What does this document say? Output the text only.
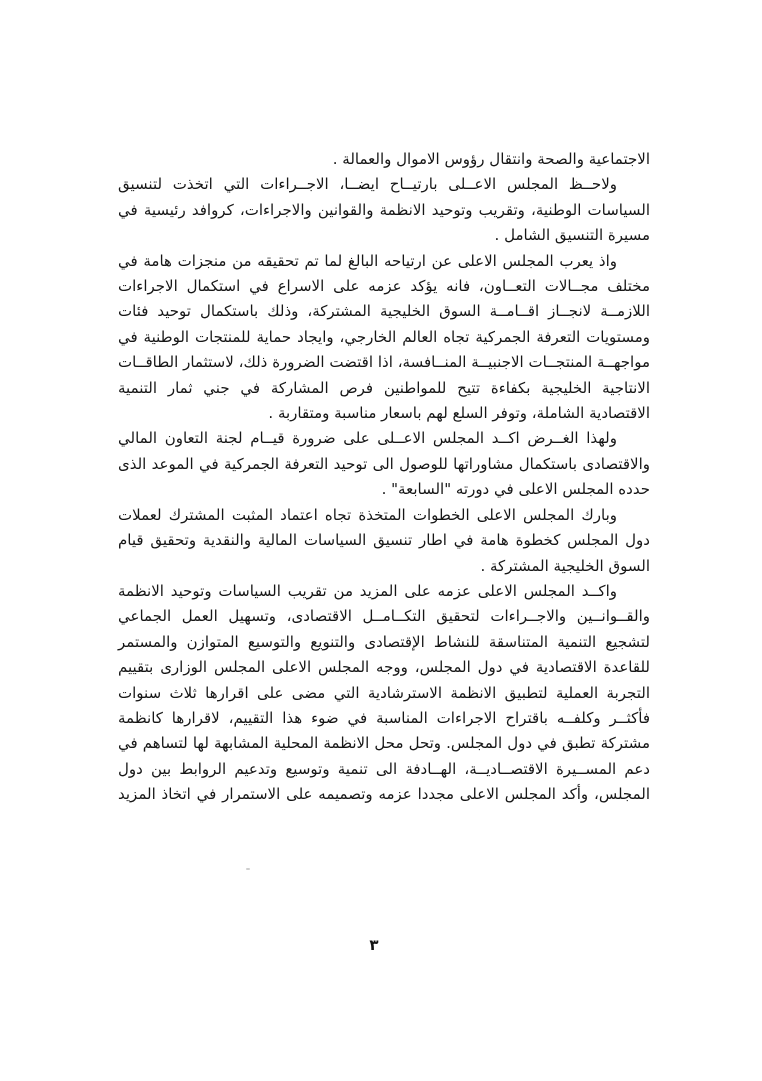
الاجتماعية والصحة وانتقال رؤوس الاموال والعمالة .

ولاحــظ المجلس الاعــلى بارتيــاح ايضــا، الاجــراءات التي اتخذت لتنسيق السياسات الوطنية، وتقريب وتوحيد الانظمة والقوانين والاجراءات، كروافد رئيسية في مسيرة التنسيق الشامل .

واذ يعرب المجلس الاعلى عن ارتياحه البالغ لما تم تحقيقه من منجزات هامة في مختلف مجــالات التعــاون، فانه يؤكد عزمه على الاسراع في استكمال الاجراءات اللازمــة لانجــاز اقــامــة السوق الخليجية المشتركة، وذلك باستكمال توحيد فئات ومستويات التعرفة الجمركية تجاه العالم الخارجي، وايجاد حماية للمنتجات الوطنية في مواجهــة المنتجــات الاجنبيــة المنــافسة، اذا اقتضت الضرورة ذلك، لاستثمار الطاقــات الانتاجية الخليجية بكفاءة تتيح للمواطنين فرص المشاركة في جني ثمار التنمية الاقتصادية الشاملة، وتوفر السلع لهم باسعار مناسبة ومتقاربة .

ولهذا الغــرض اكــد المجلس الاعــلى على ضرورة قيــام لجنة التعاون المالي والاقتصادى باستكمال مشاوراتها للوصول الى توحيد التعرفة الجمركية في الموعد الذى حدده المجلس الاعلى في دورته "السابعة" .

وبارك المجلس الاعلى الخطوات المتخذة تجاه اعتماد المثبت المشترك لعملات دول المجلس كخطوة هامة في اطار تنسيق السياسات المالية والنقدية وتحقيق قيام السوق الخليجية المشتركة .

واكــد المجلس الاعلى عزمه على المزيد من تقريب السياسات وتوحيد الانظمة والقــوانــين والاجــراءات لتحقيق التكــامــل الاقتصادى، وتسهيل العمل الجماعي لتشجيع التنمية المتناسقة للنشاط الإقتصادى والتنويع والتوسيع المتوازن والمستمر للقاعدة الاقتصادية في دول المجلس، ووجه المجلس الاعلى المجلس الوزارى بتقييم التجربة العملية لتطبيق الانظمة الاسترشادية التي مضى على اقرارها ثلاث سنوات فأكثــر وكلفــه باقتراح الاجراءات المناسبة في ضوء هذا التقييم، لاقرارها كانظمة مشتركة تطبق في دول المجلس. وتحل محل الانظمة المحلية المشابهة لها لتساهم في دعم المســيرة الاقتصــاديــة، الهــادفة الى تنمية وتوسيع وتدعيم الروابط بين دول المجلس، وأكد المجلس الاعلى مجددا عزمه وتصميمه على الاستمرار في اتخاذ المزيد

٣
